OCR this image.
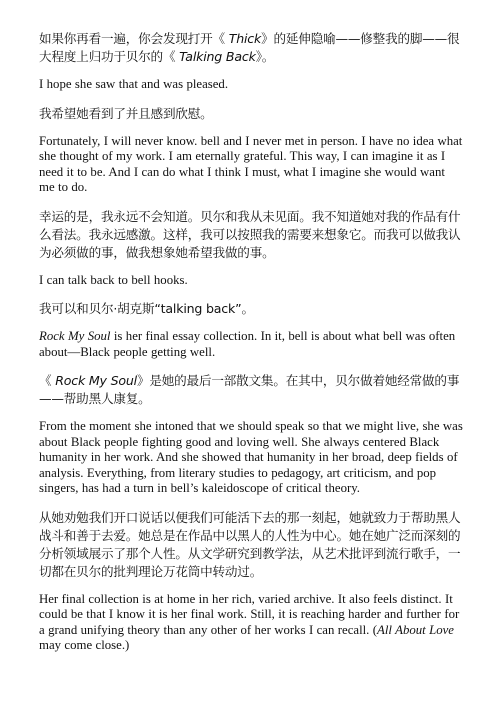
如果你再看一遍，你会发现打开《 Thick》的延伸隐喻——修整我的脚——很大程度上归功于贝尔的《 Talking Back》。

I hope she saw that and was pleased.

我希望她看到了并且感到欣慰。

Fortunately, I will never know. bell and I never met in person. I have no idea what she thought of my work. I am eternally grateful. This way, I can imagine it as I need it to be. And I can do what I think I must, what I imagine she would want me to do.

幸运的是，我永远不会知道。贝尔和我从未见面。我不知道她对我的作品有什么看法。我永远感激。这样，我可以按照我的需要来想象它。而我可以做我认为必须做的事，做我想象她希望我做的事。

I can talk back to bell hooks.

我可以和贝尔·胡克斯“talking back”。

Rock My Soul is her final essay collection. In it, bell is about what bell was often about—Black people getting well.

《 Rock My Soul》是她的最后一部散文集。在其中，贝尔做着她经常做的事——帮助黑人康复。

From the moment she intoned that we should speak so that we might live, she was about Black people fighting good and loving well. She always centered Black humanity in her work. And she showed that humanity in her broad, deep fields of analysis. Everything, from literary studies to pedagogy, art criticism, and pop singers, has had a turn in bell’s kaleidoscope of critical theory.

从她劝勉我们开口说话以便我们可能活下去的那一刻起，她就致力于帮助黑人战斗和善于去爱。她总是在作品中以黑人的人性为中心。她在她广泛而深刻的分析领域展示了那个人性。从文学研究到教学法，从艺术批评到流行歌手，一切都在贝尔的批判理论万花筒中转动过。

Her final collection is at home in her rich, varied archive. It also feels distinct. It could be that I know it is her final work. Still, it is reaching harder and further for a grand unifying theory than any other of her works I can recall. (All About Love may come close.)
